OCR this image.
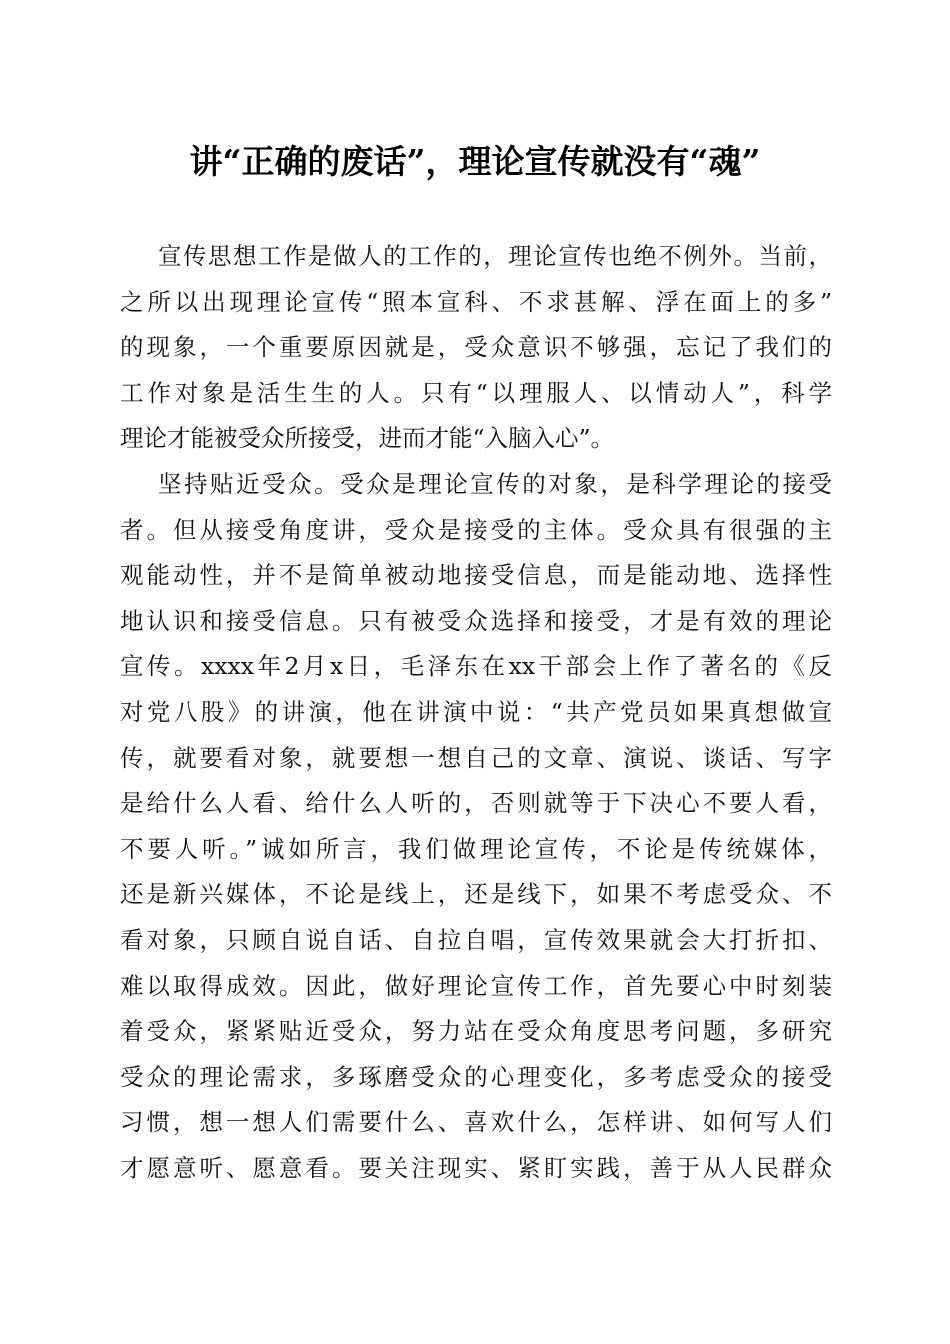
讲“正确的废话”，理论宣传就没有“魂”
宣传思想工作是做人的工作的，理论宣传也绝不例外。当前，
之所以出现理论宣传“照本宣科、不求甚解、浮在面上的多”
的现象，一个重要原因就是，受众意识不够强，忘记了我们的
工作对象是活生生的人。只有“以理服人、以情动人”，科学
理论才能被受众所接受，进而才能“入脑入心”。
坚持贴近受众。受众是理论宣传的对象，是科学理论的接受
者。但从接受角度讲，受众是接受的主体。受众具有很强的主
观能动性，并不是简单被动地接受信息，而是能动地、选择性
地认识和接受信息。只有被受众选择和接受，才是有效的理论
宣传。xxxx年2月x日，毛泽东在xx干部会上作了著名的《反
对党八股》的讲演，他在讲演中说：“共产党员如果真想做宣
传，就要看对象，就要想一想自己的文章、演说、谈话、写字
是给什么人看、给什么人听的，否则就等于下决心不要人看，
不要人听。”诚如所言，我们做理论宣传，不论是传统媒体，
还是新兴媒体，不论是线上，还是线下，如果不考虑受众、不
看对象，只顾自说自话、自拉自唱，宣传效果就会大打折扣、
难以取得成效。因此，做好理论宣传工作，首先要心中时刻装
着受众，紧紧贴近受众，努力站在受众角度思考问题，多研究
受众的理论需求，多琢磨受众的心理变化，多考虑受众的接受
习惯，想一想人们需要什么、喜欢什么，怎样讲、如何写人们
才愿意听、愿意看。要关注现实、紧盯实践，善于从人民群众
